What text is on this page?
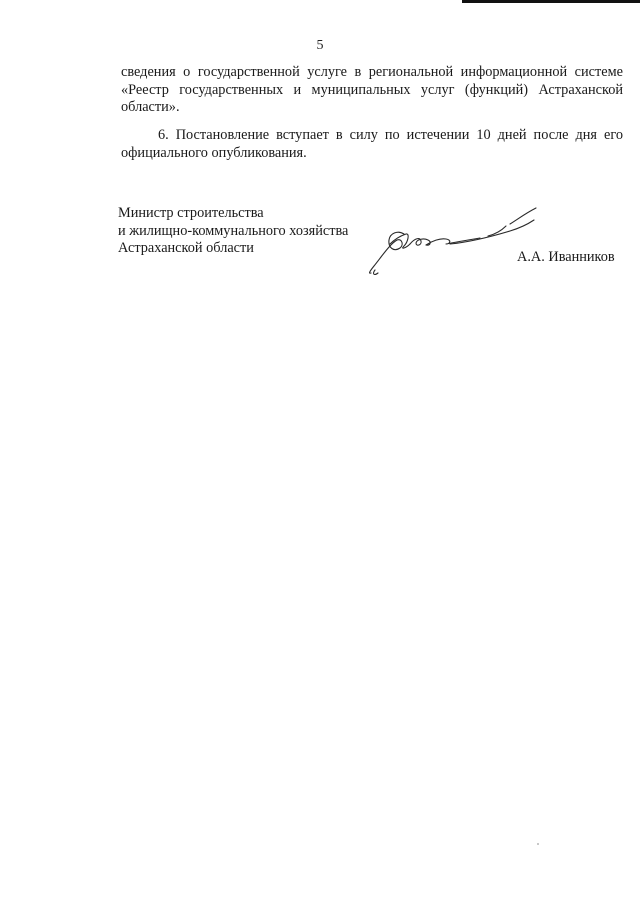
5
сведения о государственной услуге в региональной информационной системе
«Реестр государственных и муниципальных услуг (функций) Астраханской
области».
6. Постановление вступает в силу по истечении 10 дней после дня его
официального опубликования.
Министр строительства
и жилищно-коммунального хозяйства
Астраханской области
А.А. Иванников
